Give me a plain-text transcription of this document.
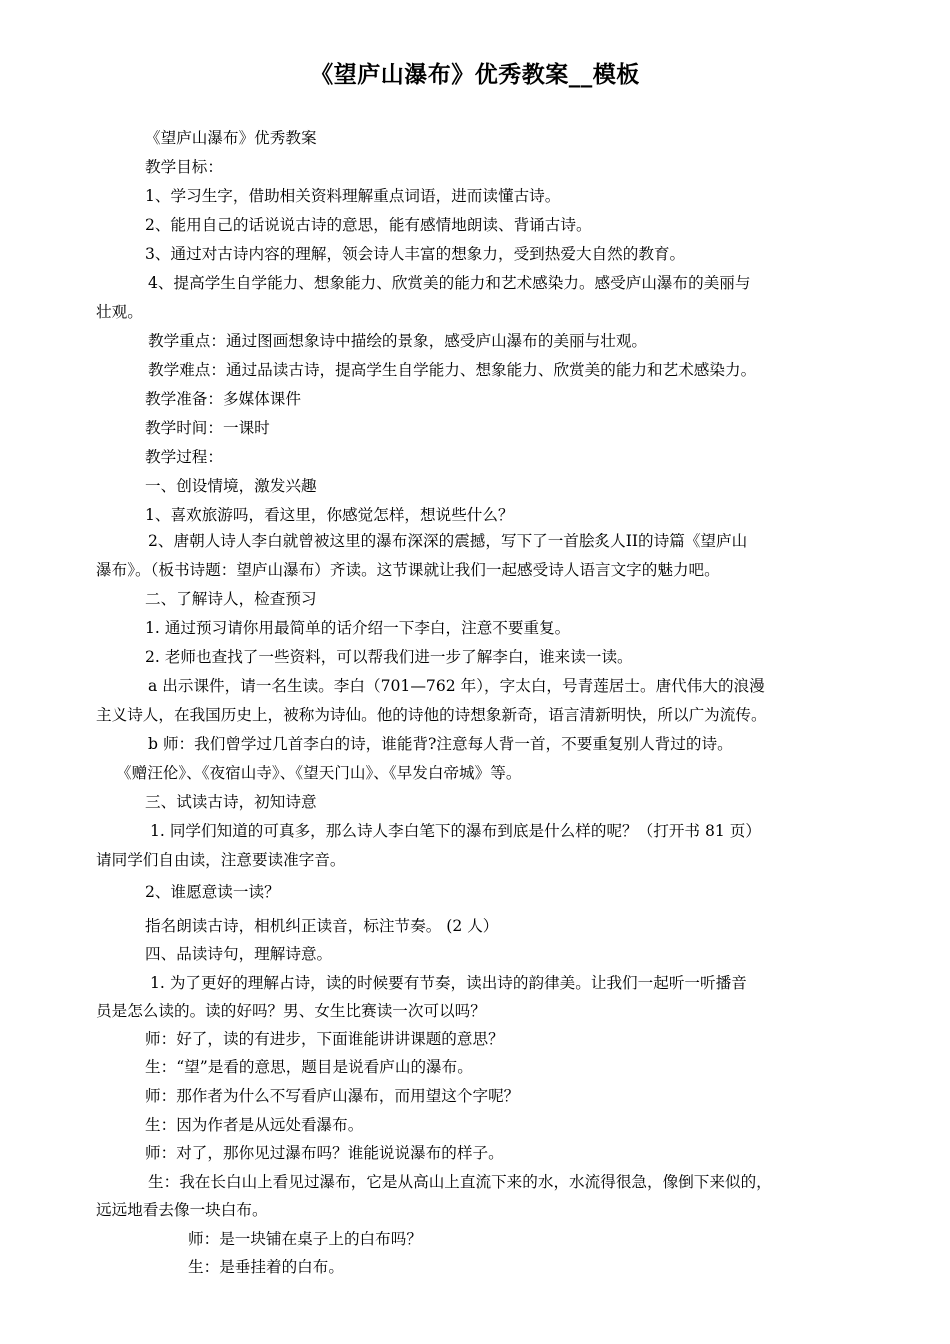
《望庐山瀑布》优秀教案__模板
《望庐山瀑布》优秀教案
教学目标：
1、学习生字，借助相关资料理解重点词语，进而读懂古诗。
2、能用自己的话说说古诗的意思，能有感情地朗读、背诵古诗。
3、通过对古诗内容的理解，领会诗人丰富的想象力，受到热爱大自然的教育。
4、提高学生自学能力、想象能力、欣赏美的能力和艺术感染力。感受庐山瀑布的美丽与
壮观。
教学重点：通过图画想象诗中描绘的景象，感受庐山瀑布的美丽与壮观。
教学难点：通过品读古诗，提高学生自学能力、想象能力、欣赏美的能力和艺术感染力。
教学准备：多媒体课件
教学时间：一课时
教学过程：
一、创设情境，激发兴趣
1、喜欢旅游吗，看这里，你感觉怎样，想说些什么？
2、唐朝人诗人李白就曾被这里的瀑布深深的震撼，写下了一首脍炙人II的诗篇《望庐山
瀑布》。（板书诗题：望庐山瀑布）齐读。这节课就让我们一起感受诗人语言文字的魅力吧。
二、了解诗人，检查预习
1. 通过预习请你用最简单的话介绍一下李白，注意不要重复。
2. 老师也查找了一些资料，可以帮我们进一步了解李白，谁来读一读。
a 出示课件，请一名生读。李白（701—762 年），字太白，号青莲居士。唐代伟大的浪漫
主义诗人，在我国历史上，被称为诗仙。他的诗他的诗想象新奇，语言清新明快，所以广为流传。
b 师：我们曾学过几首李白的诗，谁能背?注意每人背一首，不要重复别人背过的诗。
《赠汪伦》、《夜宿山寺》、《望天门山》、《早发白帝城》等。
三、试读古诗，初知诗意
1. 同学们知道的可真多，那么诗人李白笔下的瀑布到底是什么样的呢？（打开书 81 页）
请同学们自由读，注意要读准字音。
2、谁愿意读一读？
指名朗读古诗，相机纠正读音，标注节奏。 (2 人）
四、品读诗句，理解诗意。
1. 为了更好的理解占诗，读的时候要有节奏，读出诗的韵律美。让我们一起听一听播音
员是怎么读的。读的好吗？男、女生比赛读一次可以吗？
师：好了，读的有进步，下面谁能讲讲课题的意思？
生：“望”是看的意思，题目是说看庐山的瀑布。
师：那作者为什么不写看庐山瀑布，而用望这个字呢？
生：因为作者是从远处看瀑布。
师：对了，那你见过瀑布吗？谁能说说瀑布的样子。
生：我在长白山上看见过瀑布，它是从高山上直流下来的水，水流得很急，像倒下来似的，
远远地看去像一块白布。
师：是一块铺在桌子上的白布吗？
生：是垂挂着的白布。
